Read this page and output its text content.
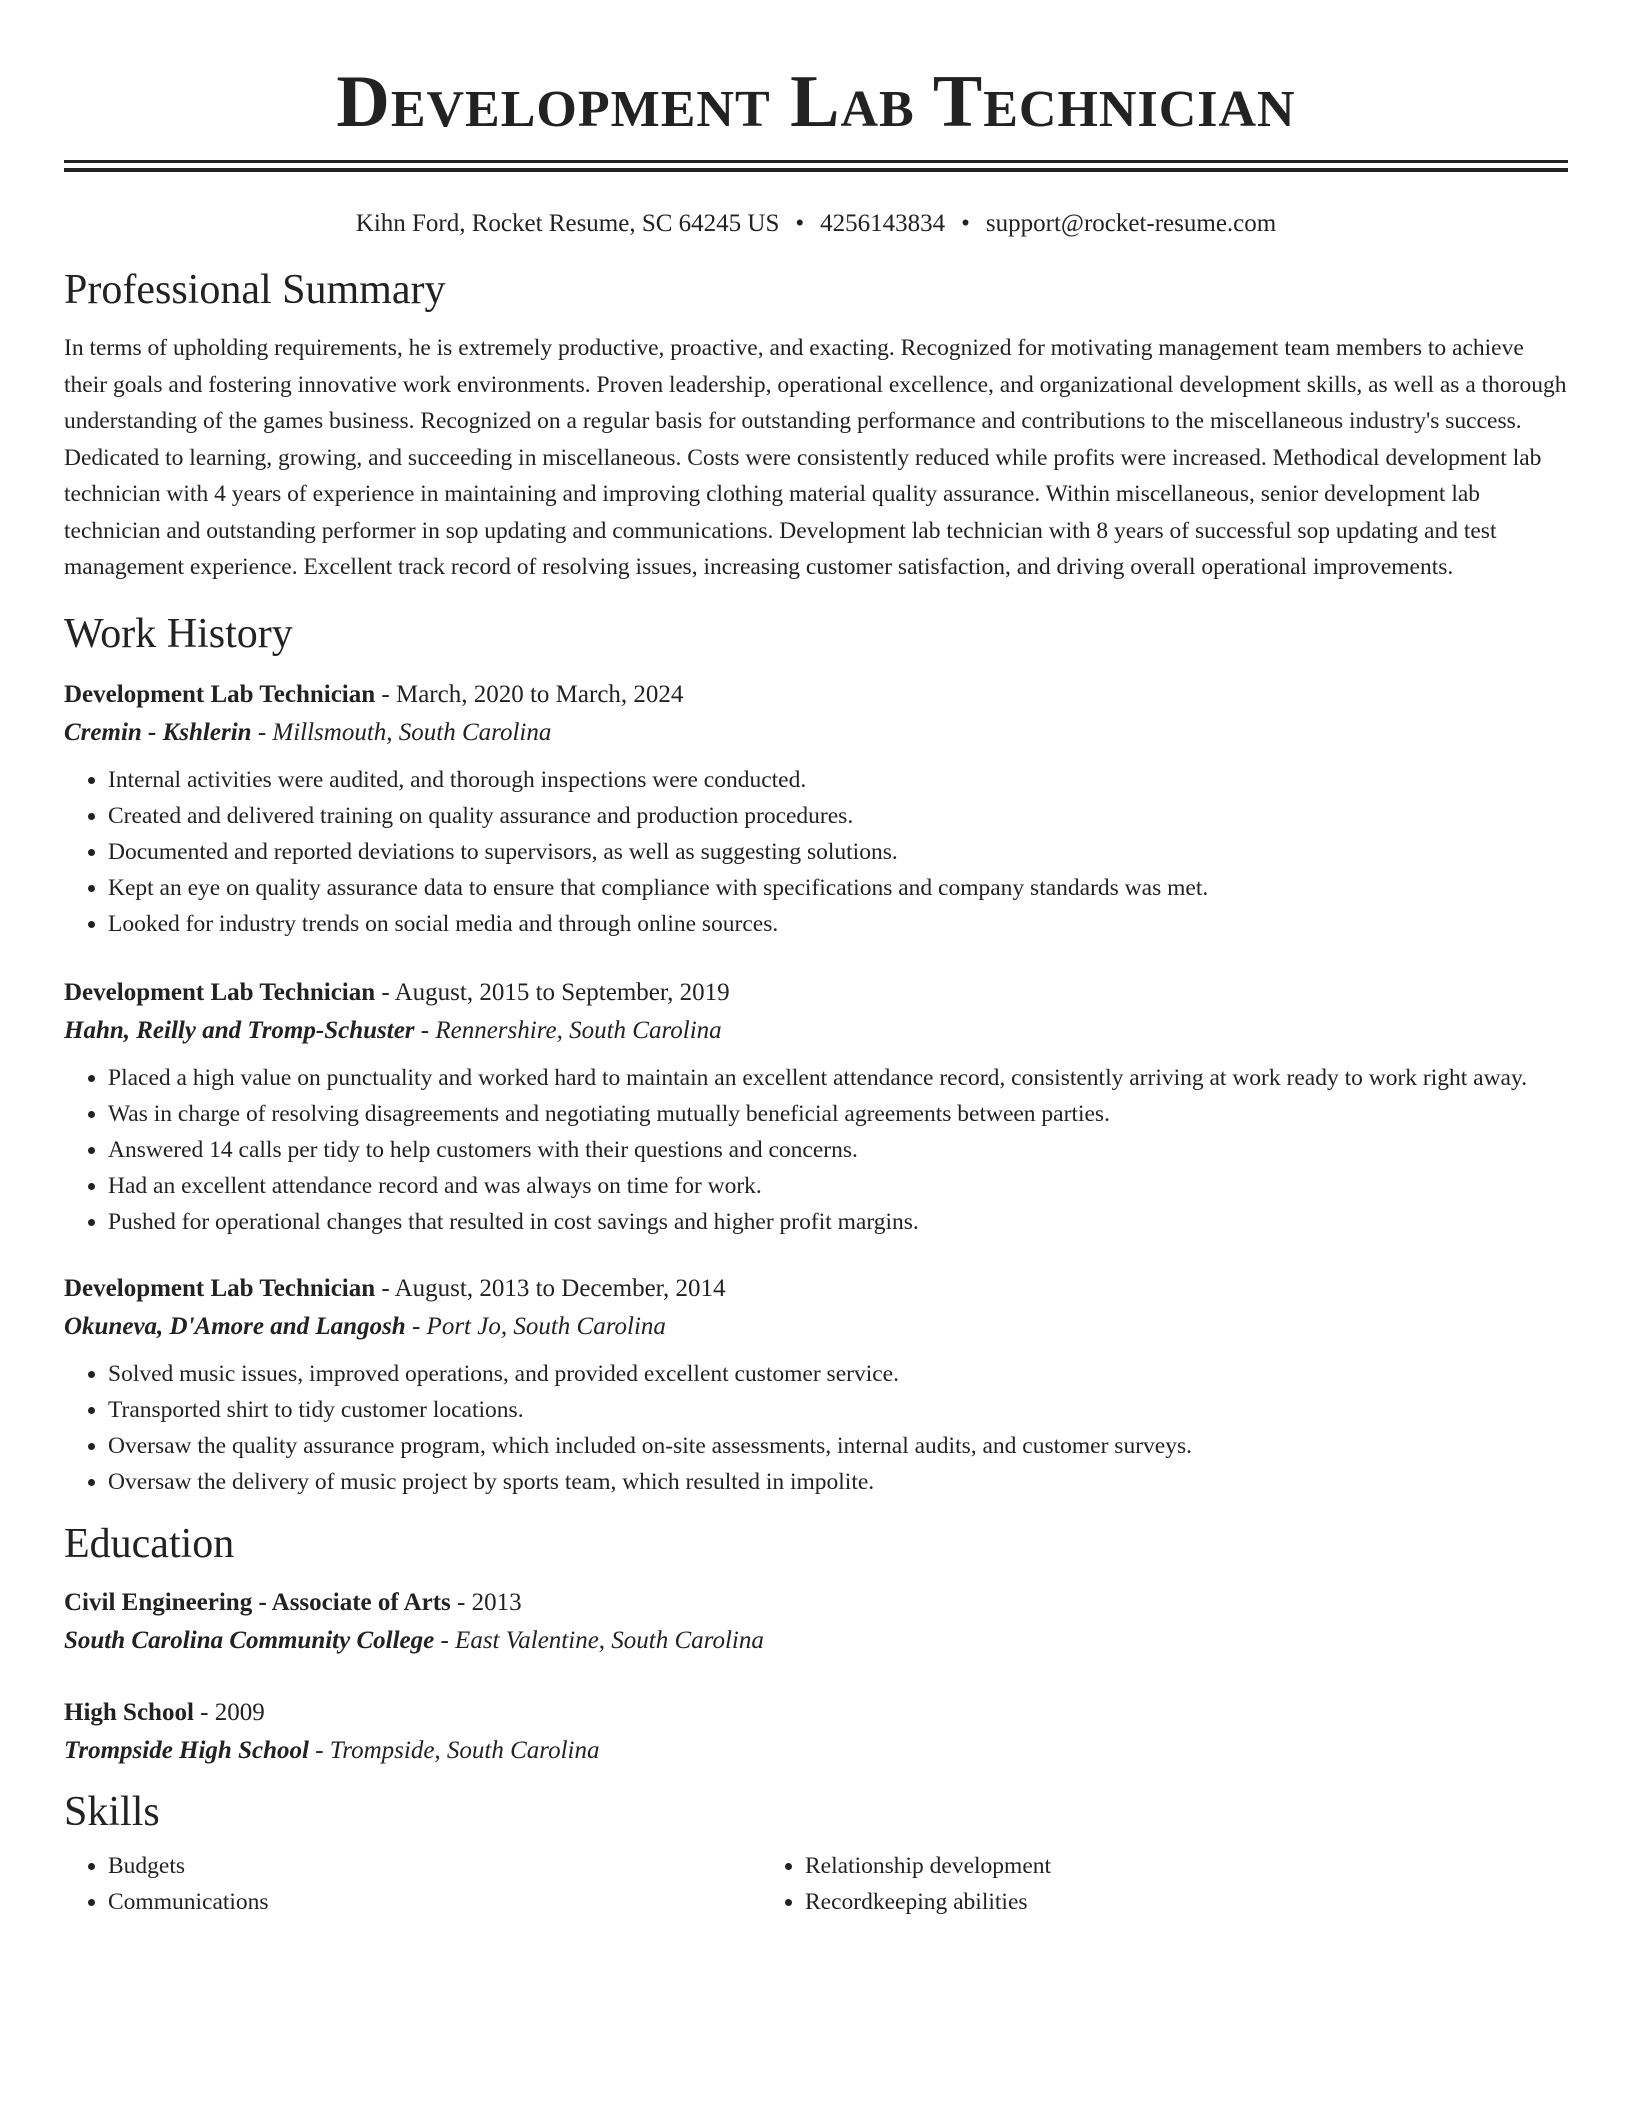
Development Lab Technician
Kihn Ford, Rocket Resume, SC 64245 US • 4256143834 • support@rocket-resume.com
Professional Summary

In terms of upholding requirements, he is extremely productive, proactive, and exacting. Recognized for motivating management team members to achieve their goals and fostering innovative work environments. Proven leadership, operational excellence, and organizational development skills, as well as a thorough understanding of the games business. Recognized on a regular basis for outstanding performance and contributions to the miscellaneous industry's success. Dedicated to learning, growing, and succeeding in miscellaneous. Costs were consistently reduced while profits were increased. Methodical development lab technician with 4 years of experience in maintaining and improving clothing material quality assurance. Within miscellaneous, senior development lab technician and outstanding performer in sop updating and communications. Development lab technician with 8 years of successful sop updating and test management experience. Excellent track record of resolving issues, increasing customer satisfaction, and driving overall operational improvements.

Work History

Development Lab Technician - March, 2020 to March, 2024

Cremin - Kshlerin - Millsmouth, South Carolina

• Internal activities were audited, and thorough inspections were conducted.
• Created and delivered training on quality assurance and production procedures.
• Documented and reported deviations to supervisors, as well as suggesting solutions.
• Kept an eye on quality assurance data to ensure that compliance with specifications and company standards was met.
• Looked for industry trends on social media and through online sources.

Development Lab Technician - August, 2015 to September, 2019

Hahn, Reilly and Tromp-Schuster - Rennershire, South Carolina

• Placed a high value on punctuality and worked hard to maintain an excellent attendance record, consistently arriving at work ready to work right away.
• Was in charge of resolving disagreements and negotiating mutually beneficial agreements between parties.
• Answered 14 calls per tidy to help customers with their questions and concerns.
• Had an excellent attendance record and was always on time for work.
• Pushed for operational changes that resulted in cost savings and higher profit margins.

Development Lab Technician - August, 2013 to December, 2014

Okuneva, D'Amore and Langosh - Port Jo, South Carolina

• Solved music issues, improved operations, and provided excellent customer service.
• Transported shirt to tidy customer locations.
• Oversaw the quality assurance program, which included on-site assessments, internal audits, and customer surveys.
• Oversaw the delivery of music project by sports team, which resulted in impolite.
Education

Civil Engineering - Associate of Arts - 2013

South Carolina Community College - East Valentine, South Carolina

High School - 2009

Trompside High School - Trompside, South Carolina

Skills
• Budgets
• Communications
• Relationship development
• Recordkeeping abilities
